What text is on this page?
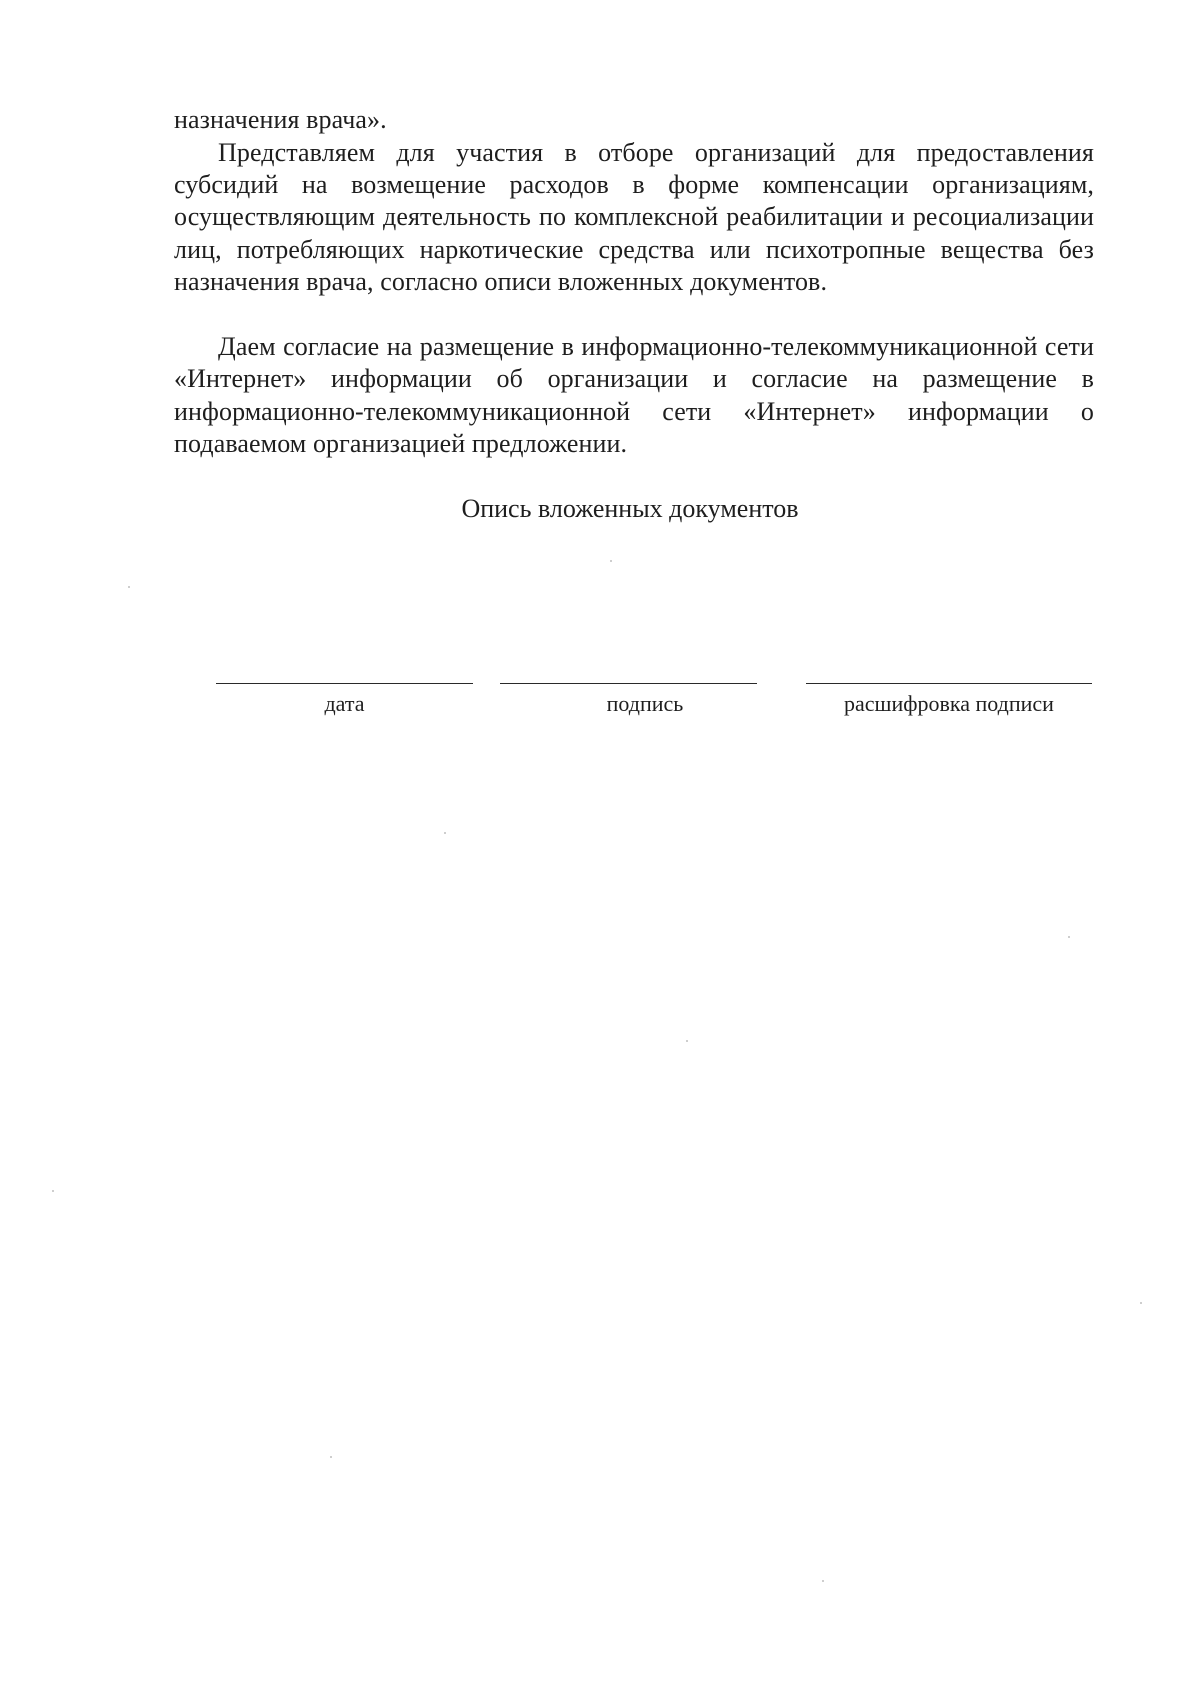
назначения врача».
Представляем для участия в отборе организаций для предоставления субсидий на возмещение расходов в форме компенсации организациям, осуществляющим деятельность по комплексной реабилитации и ресоциализации лиц, потребляющих наркотические средства или психотропные вещества без назначения врача, согласно описи вложенных документов.
Даем согласие на размещение в информационно-телекоммуникационной сети «Интернет» информации об организации и согласие на размещение в информационно-телекоммуникационной сети «Интернет» информации о подаваемом организацией предложении.
Опись вложенных документов
дата	подпись	расшифровка подписи
